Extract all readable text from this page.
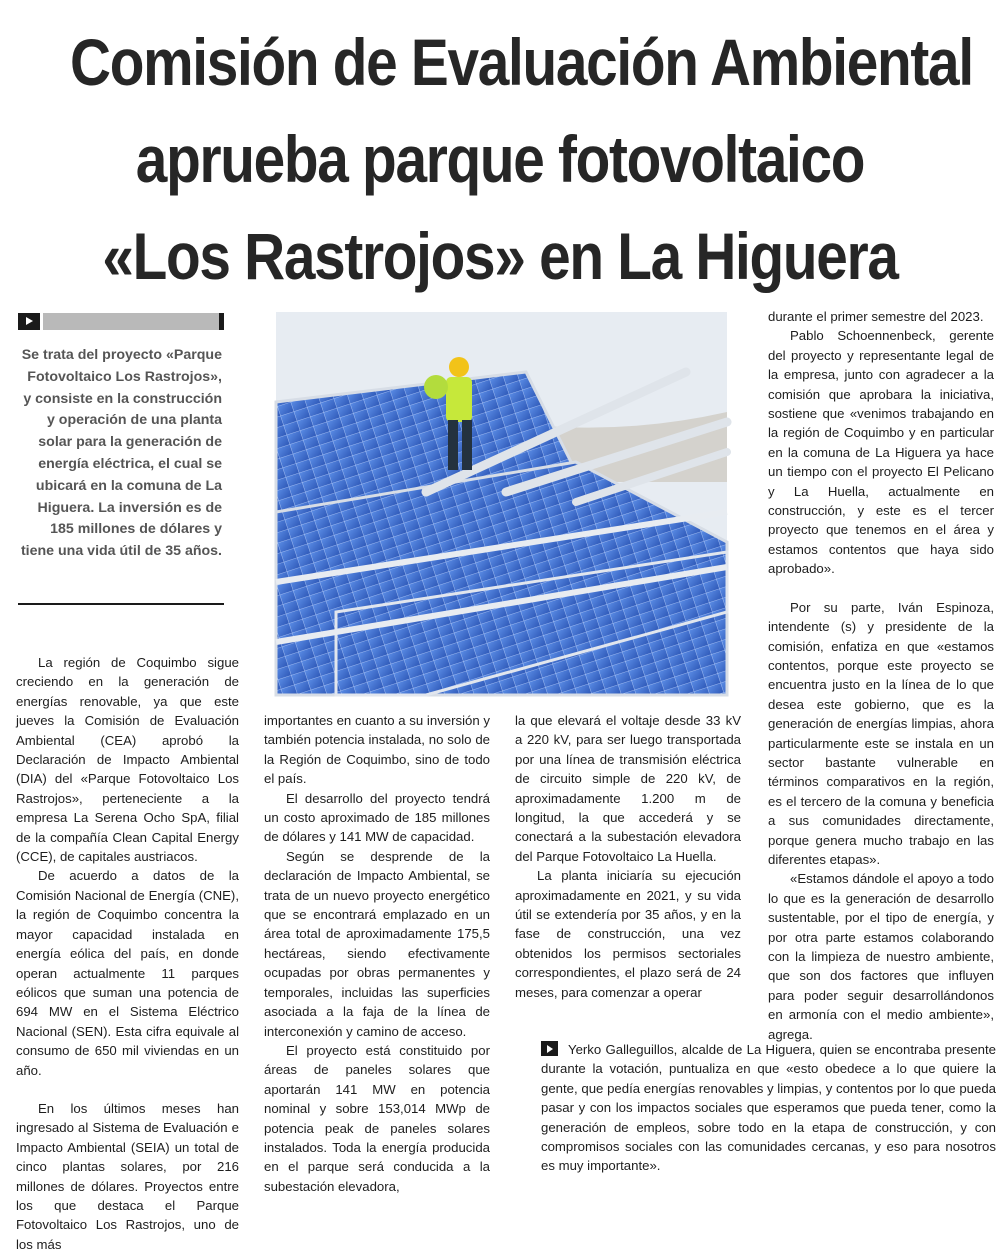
Comisión de Evaluación Ambiental
aprueba parque fotovoltaico
«Los Rastrojos» en La Higuera
Se trata del proyecto «Parque Fotovoltaico Los Rastrojos», y consiste en la construcción y operación de una planta solar para la generación de energía eléctrica, el cual se ubicará en la comuna de La Higuera. La inversión es de 185 millones de dólares y tiene una vida útil de 35 años.

La región de Coquimbo sigue creciendo en la generación de energías renovable, ya que este jueves la Comisión de Evaluación Ambiental (CEA) aprobó la Declaración de Impacto Ambiental (DIA) del «Parque Fotovoltaico Los Rastrojos», perteneciente a la empresa La Serena Ocho SpA, filial de la compañía Clean Capital Energy (CCE), de capitales austriacos.

De acuerdo a datos de la Comisión Nacional de Energía (CNE), la región de Coquimbo concentra la mayor capacidad instalada en energía eólica del país, en donde operan actualmente 11 parques eólicos que suman una potencia de 694 MW en el Sistema Eléctrico Nacional (SEN). Esta cifra equivale al consumo de 650 mil viviendas en un año.

En los últimos meses han ingresado al Sistema de Evaluación e Impacto Ambiental (SEIA) un total de cinco plantas solares, por 216 millones de dólares. Proyectos entre los que destaca el Parque Fotovoltaico Los Rastrojos, uno de los más

importantes en cuanto a su inversión y también potencia instalada, no solo de la Región de Coquimbo, sino de todo el país.

El desarrollo del proyecto tendrá un costo aproximado de 185 millones de dólares y 141 MW de capacidad.

Según se desprende de la declaración de Impacto Ambiental, se trata de un nuevo proyecto energético que se encontrará emplazado en un área total de aproximadamente 175,5 hectáreas, siendo efectivamente ocupadas por obras permanentes y temporales, incluidas las superficies asociada a la faja de la línea de interconexión y camino de acceso.

El proyecto está constituido por áreas de paneles solares que aportarán 141 MW en potencia nominal y sobre 153,014 MWp de potencia peak de paneles solares instalados. Toda la energía producida en el parque será conducida a la subestación elevadora,

la que elevará el voltaje desde 33 kV a 220 kV, para ser luego transportada por una línea de transmisión eléctrica de circuito simple de 220 kV, de aproximadamente 1.200 m de longitud, la que accederá y se conectará a la subestación elevadora del Parque Fotovoltaico La Huella.

La planta iniciaría su ejecución aproximadamente en 2021, y su vida útil se extendería por 35 años, y en la fase de construcción, una vez obtenidos los permisos sectoriales correspondientes, el plazo será de 24 meses, para comenzar a operar

durante el primer semestre del 2023.

Pablo Schoennenbeck, gerente del proyecto y representante legal de la empresa, junto con agradecer a la comisión que aprobara la iniciativa, sostiene que «venimos trabajando en la región de Coquimbo y en particular en la comuna de La Higuera ya hace un tiempo con el proyecto El Pelicano y La Huella, actualmente en construcción, y este es el tercer proyecto que tenemos en el área y estamos contentos que haya sido aprobado».

Por su parte, Iván Espinoza, intendente (s) y presidente de la comisión, enfatiza en que «estamos contentos, porque este proyecto se encuentra justo en la línea de lo que desea este gobierno, que es la generación de energías limpias, ahora particularmente este se instala en un sector bastante vulnerable en términos comparativos en la región, es el tercero de la comuna y beneficia a sus comunidades directamente, porque genera mucho trabajo en las diferentes etapas».

«Estamos dándole el apoyo a todo lo que es la generación de desarrollo sustentable, por el tipo de energía, y por otra parte estamos colaborando con la limpieza de nuestro ambiente, que son dos factores que influyen para poder seguir desarrollándonos en armonía con el medio ambiente», agrega.

Yerko Galleguillos, alcalde de La Higuera, quien se encontraba presente durante la votación, puntualiza en que «esto obedece a lo que quiere la gente, que pedía energías renovables y limpias, y contentos por lo que pueda pasar y con los impactos sociales que esperamos que pueda tener, como la generación de empleos, sobre todo en la etapa de construcción, y con compromisos sociales con las comunidades cercanas, y eso para nosotros es muy importante».
